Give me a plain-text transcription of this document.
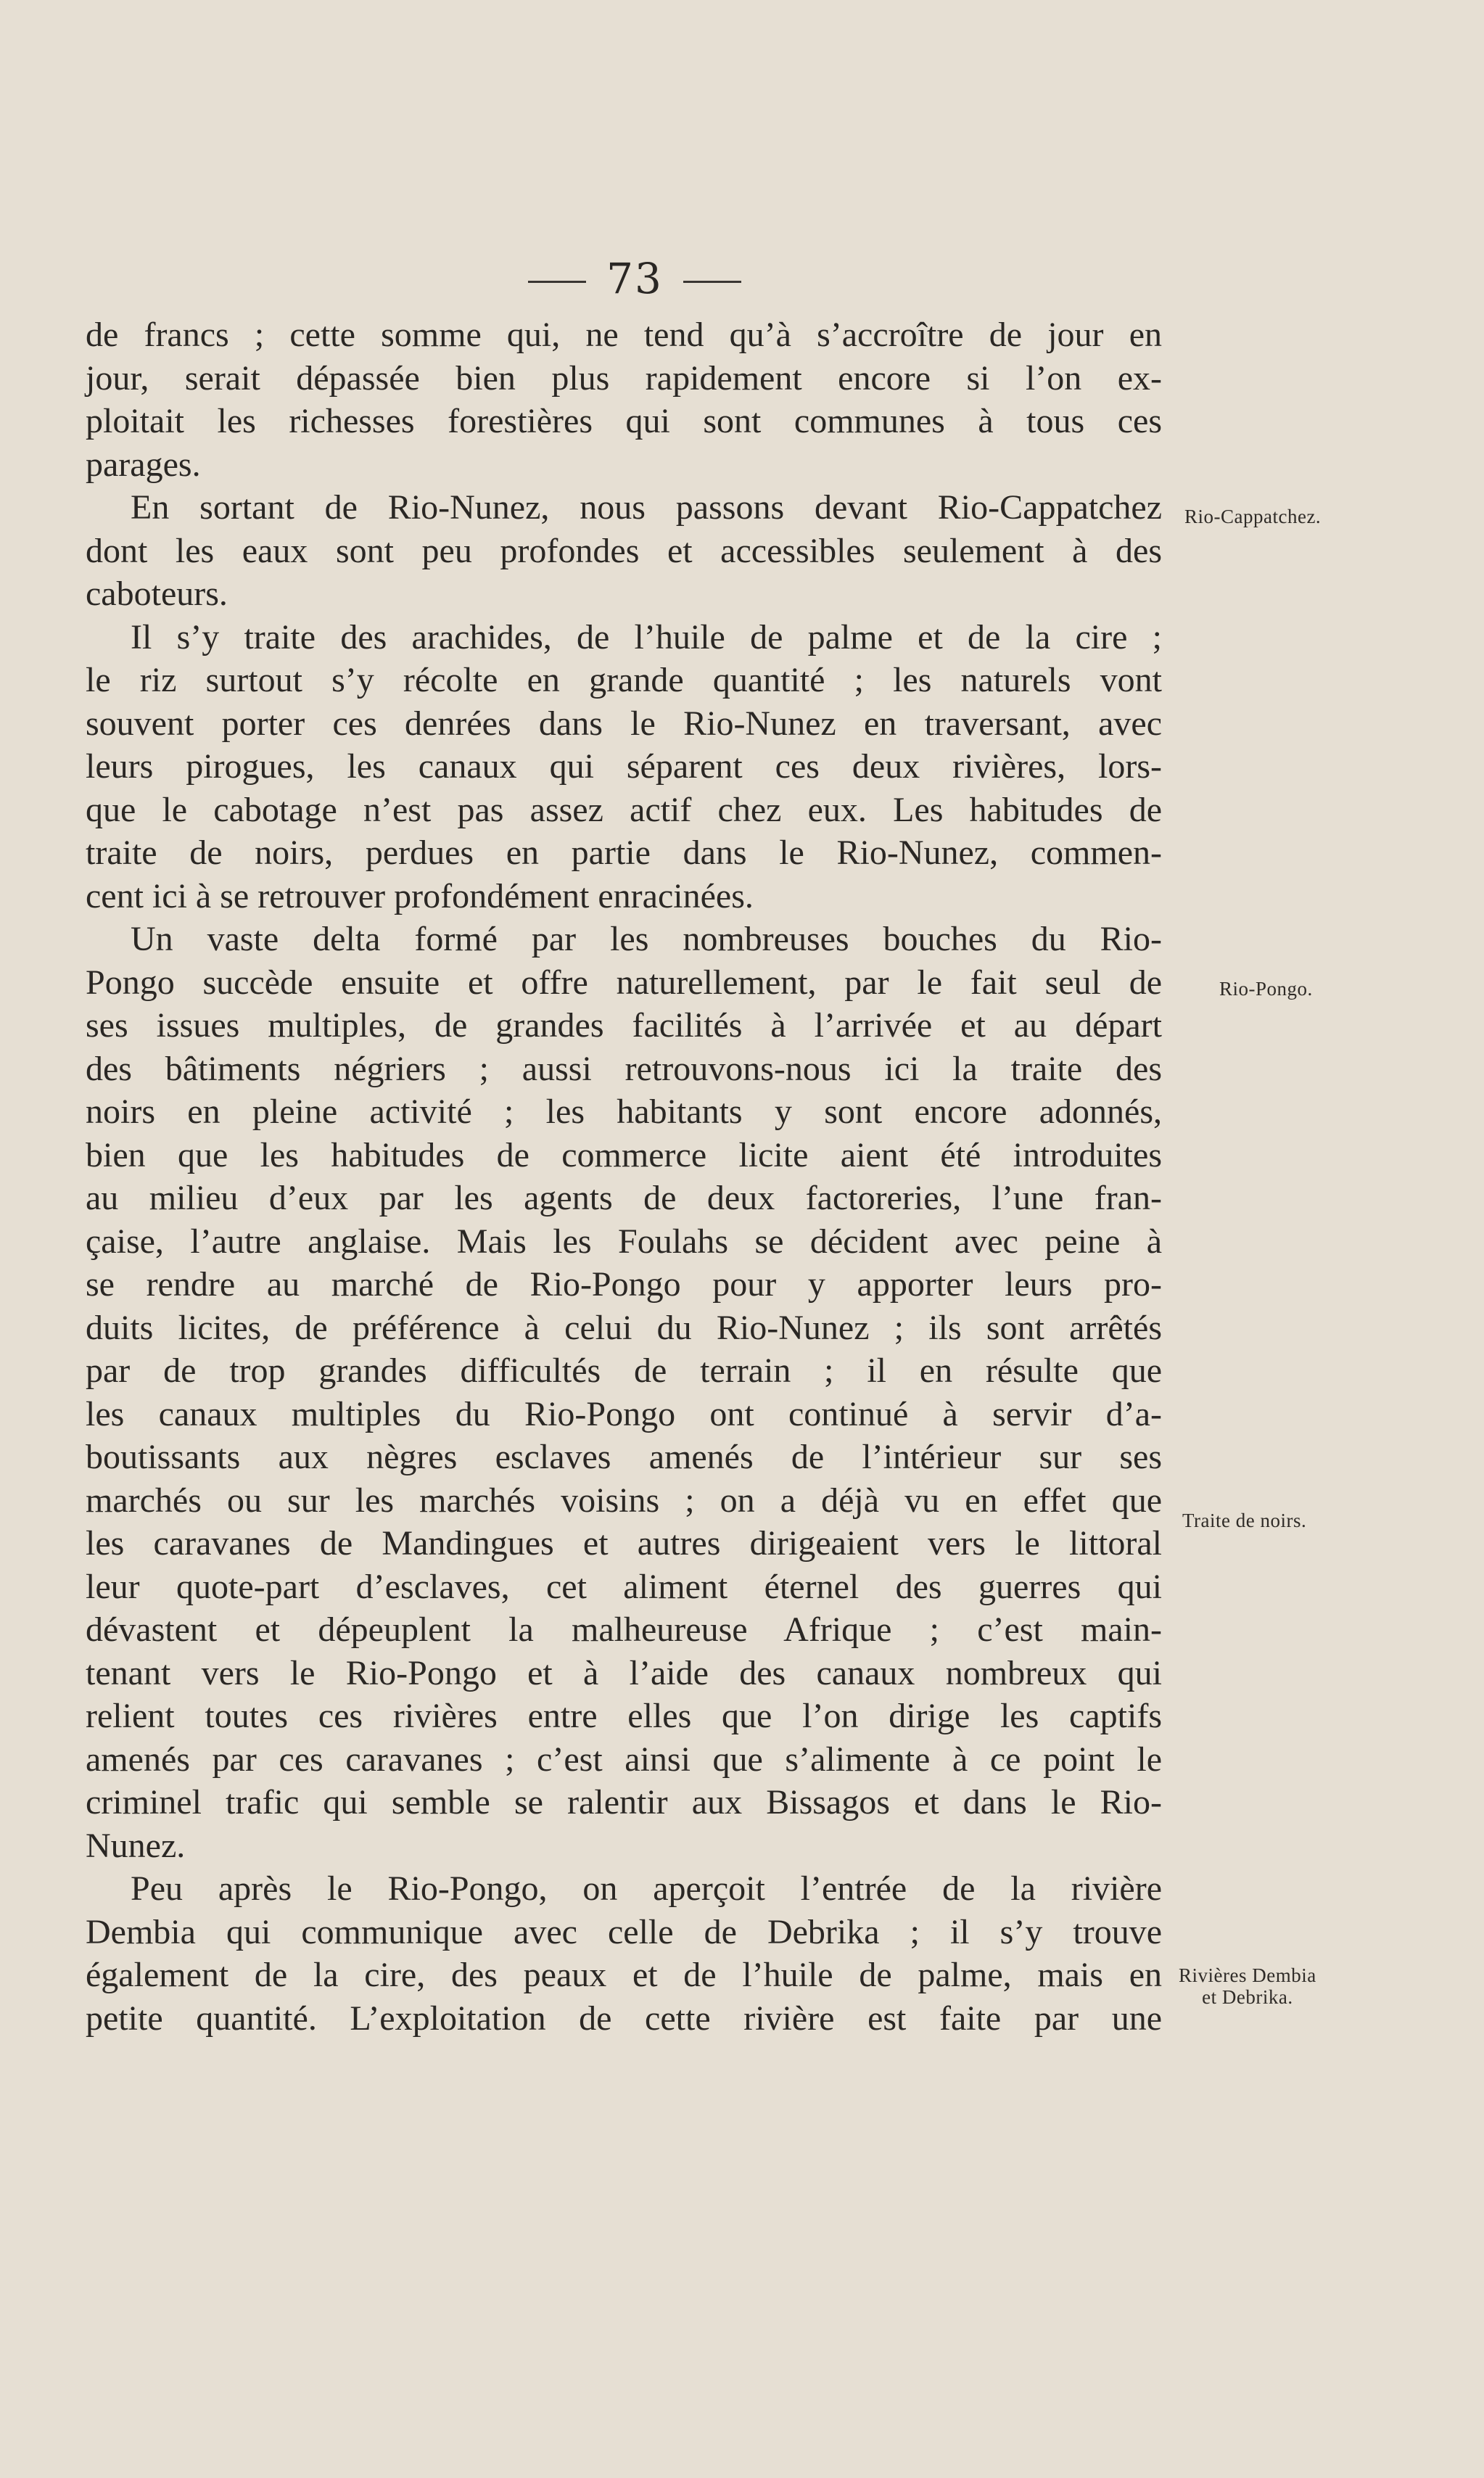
73
de francs ; cette somme qui, ne tend qu’à s’accroître de jour en
jour, serait dépassée bien plus rapidement encore si l’on ex-
ploitait les richesses forestières qui sont communes à tous ces
parages.
En sortant de Rio-Nunez, nous passons devant Rio-Cappatchez
dont les eaux sont peu profondes et accessibles seulement à des
caboteurs.
Il s’y traite des arachides, de l’huile de palme et de la cire ;
le riz surtout s’y récolte en grande quantité ; les naturels vont
souvent porter ces denrées dans le Rio-Nunez en traversant, avec
leurs pirogues, les canaux qui séparent ces deux rivières, lors-
que le cabotage n’est pas assez actif chez eux. Les habitudes de
traite de noirs, perdues en partie dans le Rio-Nunez, commen-
cent ici à se retrouver profondément enracinées.
Un vaste delta formé par les nombreuses bouches du Rio-
Pongo succède ensuite et offre naturellement, par le fait seul de
ses issues multiples, de grandes facilités à l’arrivée et au départ
des bâtiments négriers ; aussi retrouvons-nous ici la traite des
noirs en pleine activité ; les habitants y sont encore adonnés,
bien que les habitudes de commerce licite aient été introduites
au milieu d’eux par les agents de deux factoreries, l’une fran-
çaise, l’autre anglaise. Mais les Foulahs se décident avec peine à
se rendre au marché de Rio-Pongo pour y apporter leurs pro-
duits licites, de préférence à celui du Rio-Nunez ; ils sont arrêtés
par de trop grandes difficultés de terrain ; il en résulte que
les canaux multiples du Rio-Pongo ont continué à servir d’a-
boutissants aux nègres esclaves amenés de l’intérieur sur ses
marchés ou sur les marchés voisins ; on a déjà vu en effet que
les caravanes de Mandingues et autres dirigeaient vers le littoral
leur quote-part d’esclaves, cet aliment éternel des guerres qui
dévastent et dépeuplent la malheureuse Afrique ; c’est main-
tenant vers le Rio-Pongo et à l’aide des canaux nombreux qui
relient toutes ces rivières entre elles que l’on dirige les captifs
amenés par ces caravanes ; c’est ainsi que s’alimente à ce point le
criminel trafic qui semble se ralentir aux Bissagos et dans le Rio-
Nunez.
Peu après le Rio-Pongo, on aperçoit l’entrée de la rivière
Dembia qui communique avec celle de Debrika ; il s’y trouve
également de la cire, des peaux et de l’huile de palme, mais en
petite quantité. L’exploitation de cette rivière est faite par une
Rio-Cappatchez.
Rio-Pongo.
Traite de noirs.
Rivières Dembia
et Debrika.
